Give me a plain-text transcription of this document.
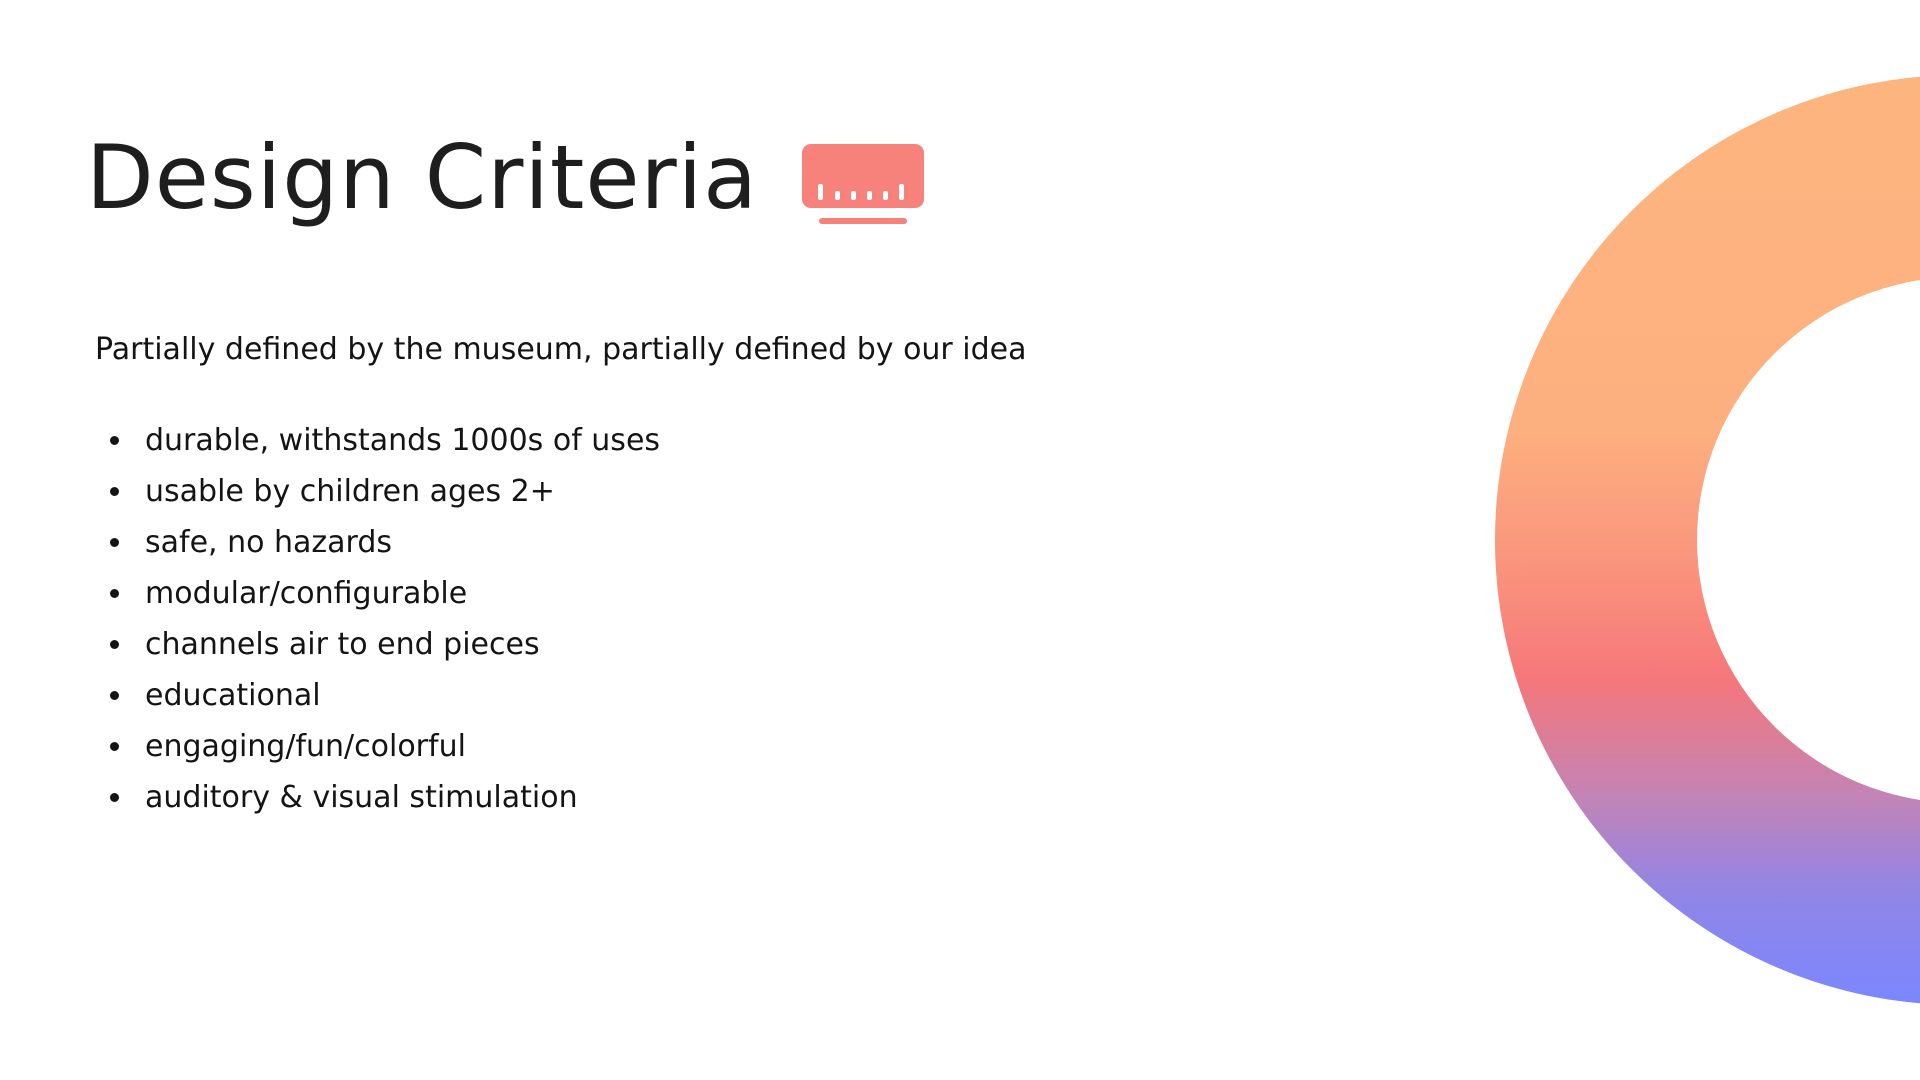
Design Criteria

Partially defined by the museum, partially defined by our idea

durable, withstands 1000s of uses
usable by children ages 2+
safe, no hazards
modular/configurable
channels air to end pieces
educational
engaging/fun/colorful
auditory & visual stimulation
